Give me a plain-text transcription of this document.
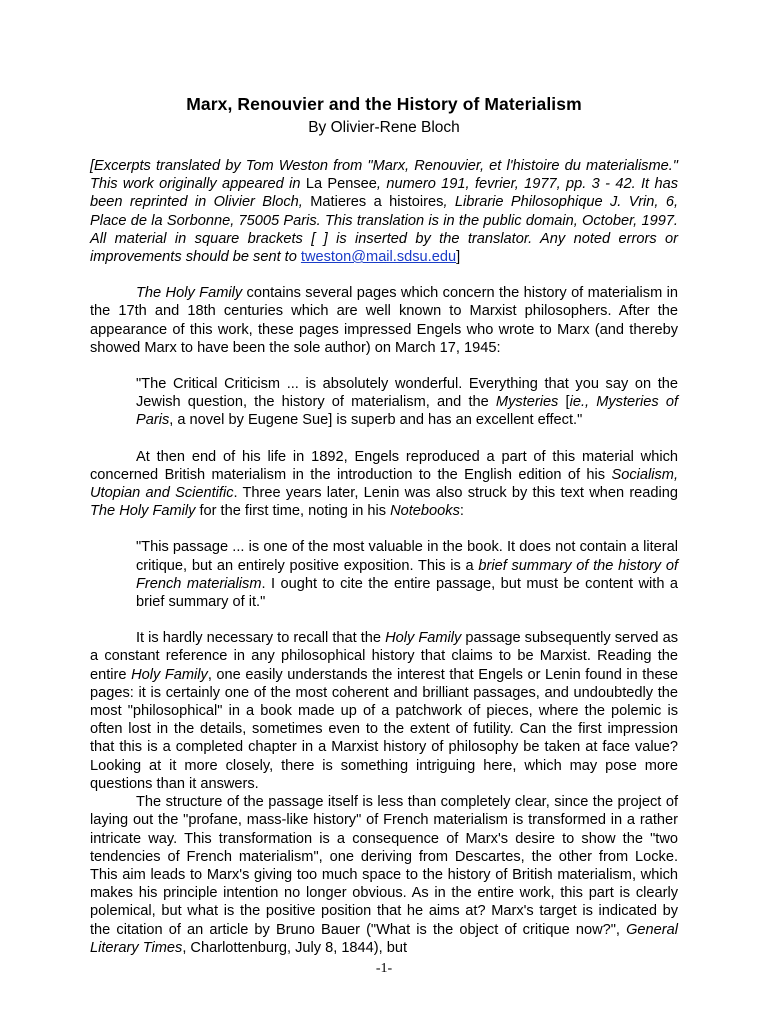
Marx, Renouvier and the History of Materialism
By Olivier-Rene Bloch

[Excerpts translated by Tom Weston from "Marx, Renouvier, et l'histoire du materialisme." This work originally appeared in La Pensee, numero 191, fevrier, 1977, pp. 3 - 42. It has been reprinted in Olivier Bloch, Matieres a histoires, Librarie Philosophique J. Vrin, 6, Place de la Sorbonne, 75005 Paris. This translation is in the public domain, October, 1997. All material in square brackets [ ] is inserted by the translator. Any noted errors or improvements should be sent to tweston@mail.sdsu.edu]

The Holy Family contains several pages which concern the history of materialism in the 17th and 18th centuries which are well known to Marxist philosophers. After the appearance of this work, these pages impressed Engels who wrote to Marx (and thereby showed Marx to have been the sole author) on March 17, 1945:

"The Critical Criticism ... is absolutely wonderful. Everything that you say on the Jewish question, the history of materialism, and the Mysteries [ie., Mysteries of Paris, a novel by Eugene Sue] is superb and has an excellent effect."

At then end of his life in 1892, Engels reproduced a part of this material which concerned British materialism in the introduction to the English edition of his Socialism, Utopian and Scientific. Three years later, Lenin was also struck by this text when reading The Holy Family for the first time, noting in his Notebooks:

"This passage ... is one of the most valuable in the book. It does not contain a literal critique, but an entirely positive exposition. This is a brief summary of the history of French materialism. I ought to cite the entire passage, but must be content with a brief summary of it."

It is hardly necessary to recall that the Holy Family passage subsequently served as a constant reference in any philosophical history that claims to be Marxist. Reading the entire Holy Family, one easily understands the interest that Engels or Lenin found in these pages: it is certainly one of the most coherent and brilliant passages, and undoubtedly the most "philosophical" in a book made up of a patchwork of pieces, where the polemic is often lost in the details, sometimes even to the extent of futility. Can the first impression that this is a completed chapter in a Marxist history of philosophy be taken at face value? Looking at it more closely, there is something intriguing here, which may pose more questions than it answers.

The structure of the passage itself is less than completely clear, since the project of laying out the "profane, mass-like history" of French materialism is transformed in a rather intricate way. This transformation is a consequence of Marx's desire to show the "two tendencies of French materialism", one deriving from Descartes, the other from Locke. This aim leads to Marx's giving too much space to the history of British materialism, which makes his principle intention no longer obvious. As in the entire work, this part is clearly polemical, but what is the positive position that he aims at? Marx's target is indicated by the citation of an article by Bruno Bauer ("What is the object of critique now?", General Literary Times, Charlottenburg, July 8, 1844), but

-1-
